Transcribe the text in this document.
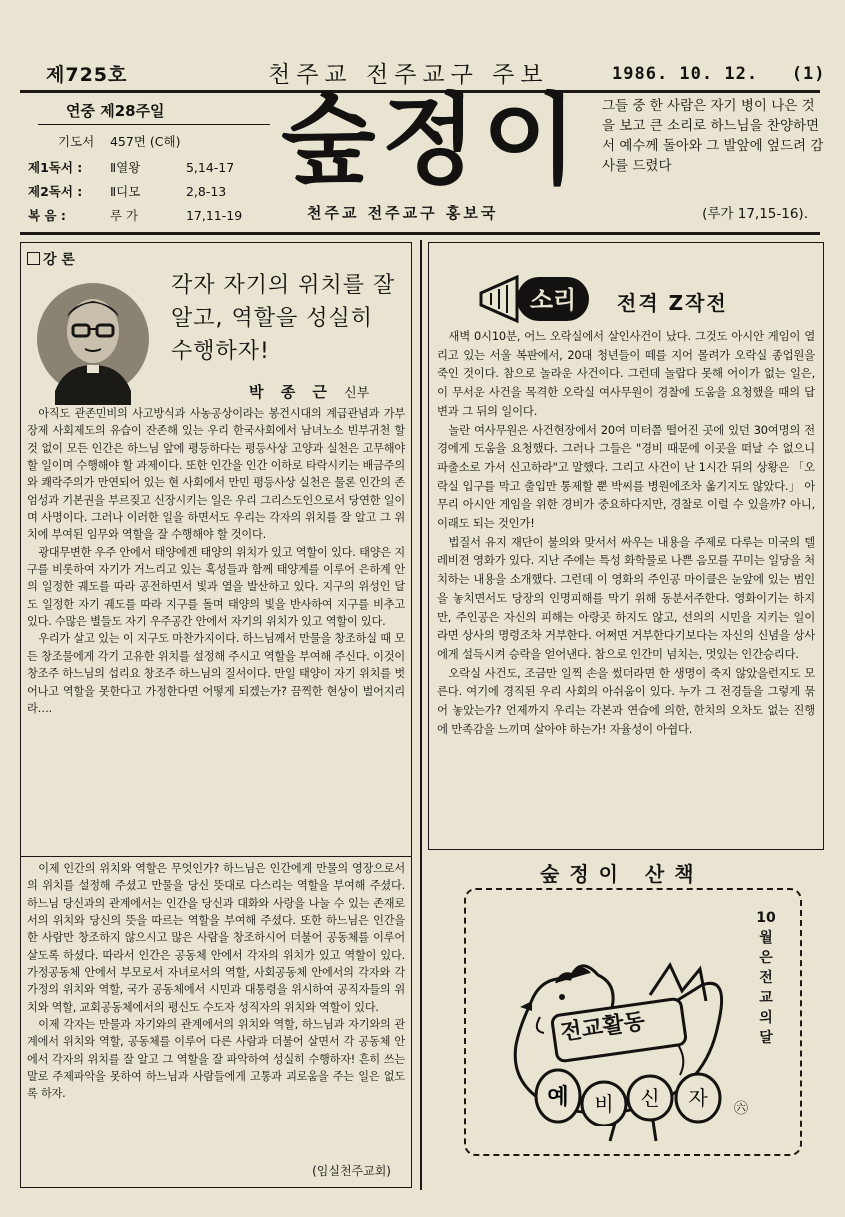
제725호	천주교 전주교구 주보	1986. 10. 12. (1)
연중 제28주일
기도서 457면 (C해)
제1독서 : Ⅱ열왕	5,14-17
제2독서 : Ⅱ디모	2,8-13
복 음 :	루 가	17,11-19
숲정이
천주교 전주교구 홍보국
그들 중 한 사람은 자기 병이 나은 것을 보고 큰 소리로 하느님을 찬양하면서 예수께 돌아와 그 발앞에 엎드려 감사를 드렸다
(루가 17,15-16).
강 론
각자 자기의 위치를 잘 알고, 역할을 성실히 수행하자!
박 종 근 신부

아직도 관존민비의 사고방식과 사농공상이라는 봉건시대의 계급관념과 가부장제 사회제도의 유습이 잔존해 있는 우리 한국사회에서 남녀노소 빈부귀천 할 것 없이 모든 인간은 하느님 앞에 평등하다는 평등사상 고양과 실천은 고무해야 할 일이며 수행해야 할 과제이다. 또한 인간을 인간 이하로 타락시키는 배금주의와 쾌락주의가 만연되어 있는 현 사회에서 만민 평등사상 실천은 물론 인간의 존엄성과 기본권을 부르짖고 신장시키는 일은 우리 그리스도인으로서 당연한 일이며 사명이다. 그러나 이러한 일을 하면서도 우리는 각자의 위치를 잘 알고 그 위치에 부여된 임무와 역할을 잘 수행해야 할 것이다.

광대무변한 우주 안에서 태양에겐 태양의 위치가 있고 역할이 있다. 태양은 지구를 비롯하여 자기가 거느리고 있는 혹성들과 함께 태양계를 이루어 은하계 안의 일정한 궤도를 따라 공전하면서 빛과 열을 발산하고 있다. 지구의 위성인 달도 일정한 자기 궤도를 따라 지구를 돌며 태양의 빛을 반사하여 지구를 비추고 있다. 수많은 별들도 자기 우주공간 안에서 자기의 위치가 있고 역할이 있다.

우리가 살고 있는 이 지구도 마찬가지이다. 하느님께서 만물을 창조하실 때 모든 창조물에게 각기 고유한 위치를 설정해 주시고 역할을 부여해 주신다. 이것이 창조주 하느님의 섭리요 창조주 하느님의 질서이다. 만일 태양이 자기 위치를 벗어나고 역할을 못한다고 가정한다면 어떻게 되겠는가? 끔찍한 현상이 벌어지리라….

이제 인간의 위치와 역할은 무엇인가? 하느님은 인간에게 만물의 영장으로서의 위치를 설정해 주셨고 만물을 당신 뜻대로 다스리는 역할을 부여해 주셨다. 하느님 당신과의 관계에서는 인간을 당신과 대화와 사랑을 나눌 수 있는 존재로서의 위치와 당신의 뜻을 따르는 역할을 부여해 주셨다. 또한 하느님은 인간을 한 사람만 창조하지 않으시고 많은 사람을 창조하시어 더불어 공동체를 이루어 살도록 하셨다. 따라서 인간은 공동체 안에서 각자의 위치가 있고 역할이 있다. 가정공동체 안에서 부모로서 자녀로서의 역할, 사회공동체 안에서의 각자와 각 가정의 위치와 역할, 국가 공동체에서 시민과 대통령을 위시하여 공직자들의 위치와 역할, 교회공동체에서의 평신도 수도자 성직자의 위치와 역할이 있다.

이제 각자는 만물과 자기와의 관계에서의 위치와 역할, 하느님과 자기와의 관계에서 위치와 역할, 공동체를 이루어 다른 사람과 더불어 살면서 각 공동체 안에서 각자의 위치를 잘 알고 그 역할을 잘 파악하여 성실히 수행하자! 흔히 쓰는 말로 주제파악을 못하여 하느님과 사람들에게 고통과 괴로움을 주는 일은 없도록 하자.

(임실천주교회)
소리 전격 Z작전

새벽 0시10분, 어느 오락실에서 살인사건이 났다. 그것도 아시안 게임이 열리고 있는 서울 복판에서, 20대 청년들이 떼를 지어 몰려가 오락실 종업원을 죽인 것이다. 참으로 놀라운 사건이다. 그런데 놀랍다 못해 어이가 없는 일은, 이 무서운 사건을 목격한 오락실 여사무원이 경찰에 도움을 요청했을 때의 답변과 그 뒤의 일이다.

놀란 여사무원은 사건현장에서 20여 미터쯤 떨어진 곳에 있던 30여명의 전경에게 도움을 요청했다. 그러나 그들은 "경비 때문에 이곳을 떠날 수 없으니 파출소로 가서 신고하라"고 말했다. 그리고 사건이 난 1시간 뒤의 상황은 「오락실 입구를 막고 출입만 통제할 뿐 박씨를 병원에조차 옮기지도 않았다.」 아무리 아시안 게임을 위한 경비가 중요하다지만, 경찰로 이럴 수 있을까? 아니, 이래도 되는 것인가!

법질서 유지 재단이 불의와 맞서서 싸우는 내용을 주제로 다루는 미국의 텔레비젼 영화가 있다. 지난 주에는 특성 화학물로 나쁜 음모를 꾸미는 일당을 처치하는 내용을 소개했다. 그런데 이 영화의 주인공 마이클은 눈앞에 있는 범인을 놓치면서도 당장의 인명피해를 막기 위해 동분서주한다. 영화이기는 하지만, 주인공은 자신의 피해는 아랑곳 하지도 않고, 선의의 시민을 지키는 일이 라면 상사의 명령조차 거부한다. 어쩌면 거부한다기보다는 자신의 신념을 상사에게 설득시켜 승락을 얻어낸다. 참으로 인간미 넘치는, 멋있는 인간승리다.

오락실 사건도, 조금만 일찍 손을 썼더라면 한 생명이 죽지 않았을런지도 모른다. 여기에 경직된 우리 사회의 아쉬움이 있다. 누가 그 전경들을 그렇게 묶어 놓았는가? 언제까지 우리는 각본과 연습에 의한, 한치의 오차도 없는 진행에 만족감을 느끼며 살아야 하는가! 자율성이 아쉽다.

숲정이 산책
10월은 전교의 달
전교활동
예 비 신 자 ㊅
